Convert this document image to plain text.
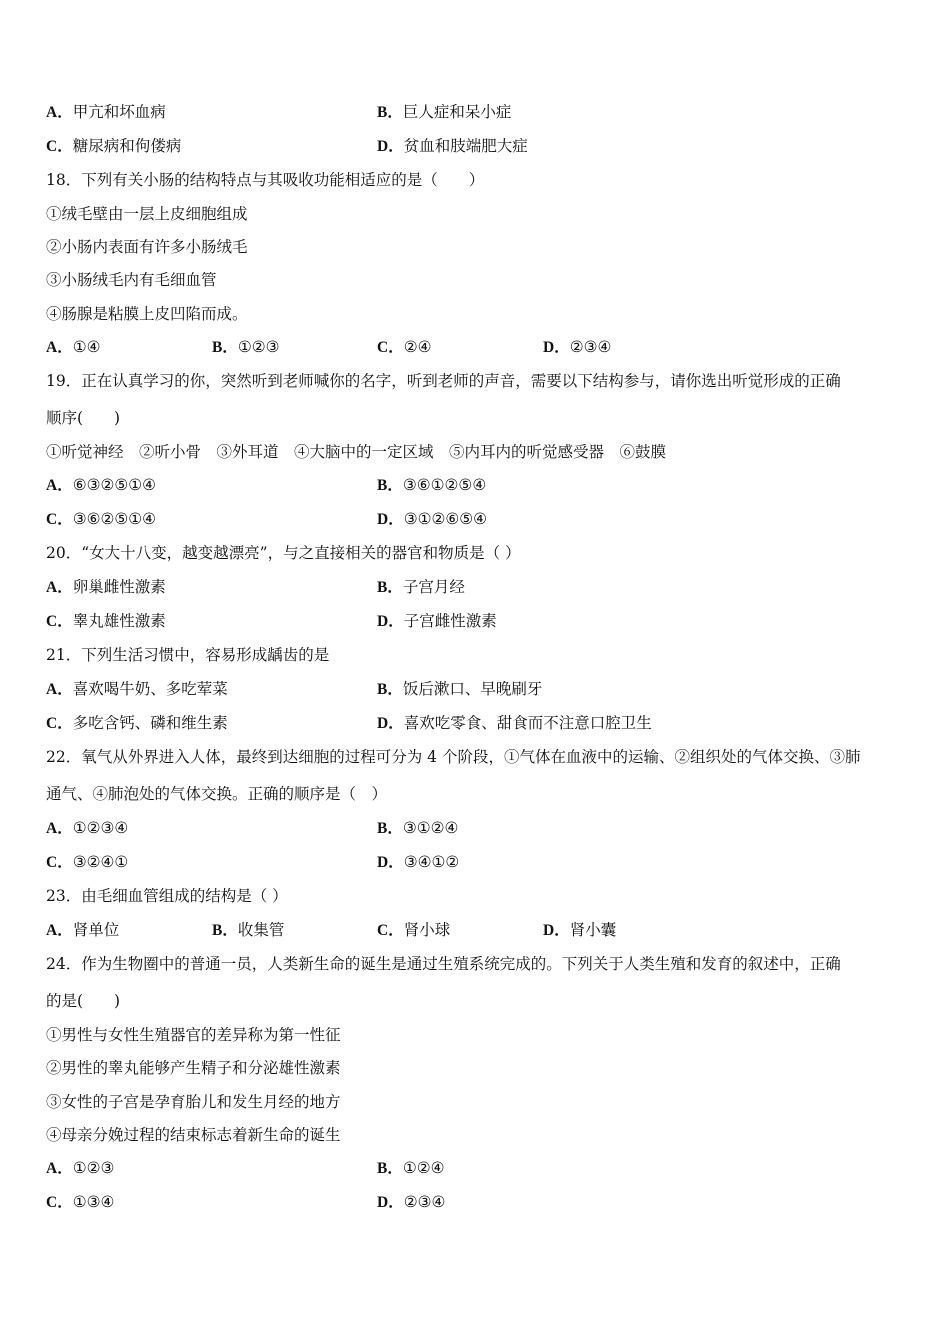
A．甲亢和坏血病	B．巨人症和呆小症
C．糖尿病和佝偻病	D．贫血和肢端肥大症
18．下列有关小肠的结构特点与其吸收功能相适应的是（　　）
①绒毛壁由一层上皮细胞组成
②小肠内表面有许多小肠绒毛
③小肠绒毛内有毛细血管
④肠腺是粘膜上皮凹陷而成。
A．①④	B．①②③	C．②④	D．②③④
19．正在认真学习的你，突然听到老师喊你的名字，听到老师的声音，需要以下结构参与，请你选出听觉形成的正确
顺序(　　)
①听觉神经　②听小骨　③外耳道　④大脑中的一定区域　⑤内耳内的听觉感受器　⑥鼓膜
A．⑥③②⑤①④	B．③⑥①②⑤④
C．③⑥②⑤①④	D．③①②⑥⑤④
20．“女大十八变，越变越漂亮”，与之直接相关的器官和物质是（ ）
A．卵巢雌性激素	B．子宫月经
C．睾丸雄性激素	D．子宫雌性激素
21．下列生活习惯中，容易形成龋齿的是
A．喜欢喝牛奶、多吃荤菜	B．饭后漱口、早晚刷牙
C．多吃含钙、磷和维生素	D．喜欢吃零食、甜食而不注意口腔卫生
22．氧气从外界进入人体，最终到达细胞的过程可分为 4 个阶段，①气体在血液中的运输、②组织处的气体交换、③肺
通气、④肺泡处的气体交换。正确的顺序是（　）
A．①②③④	B．③①②④
C．③②④①	D．③④①②
23．由毛细血管组成的结构是（ ）
A．肾单位	B．收集管	C．肾小球	D．肾小囊
24．作为生物圈中的普通一员，人类新生命的诞生是通过生殖系统完成的。下列关于人类生殖和发育的叙述中，正确
的是(　　)
①男性与女性生殖器官的差异称为第一性征
②男性的睾丸能够产生精子和分泌雄性激素
③女性的子宫是孕育胎儿和发生月经的地方
④母亲分娩过程的结束标志着新生命的诞生
A．①②③	B．①②④
C．①③④	D．②③④
